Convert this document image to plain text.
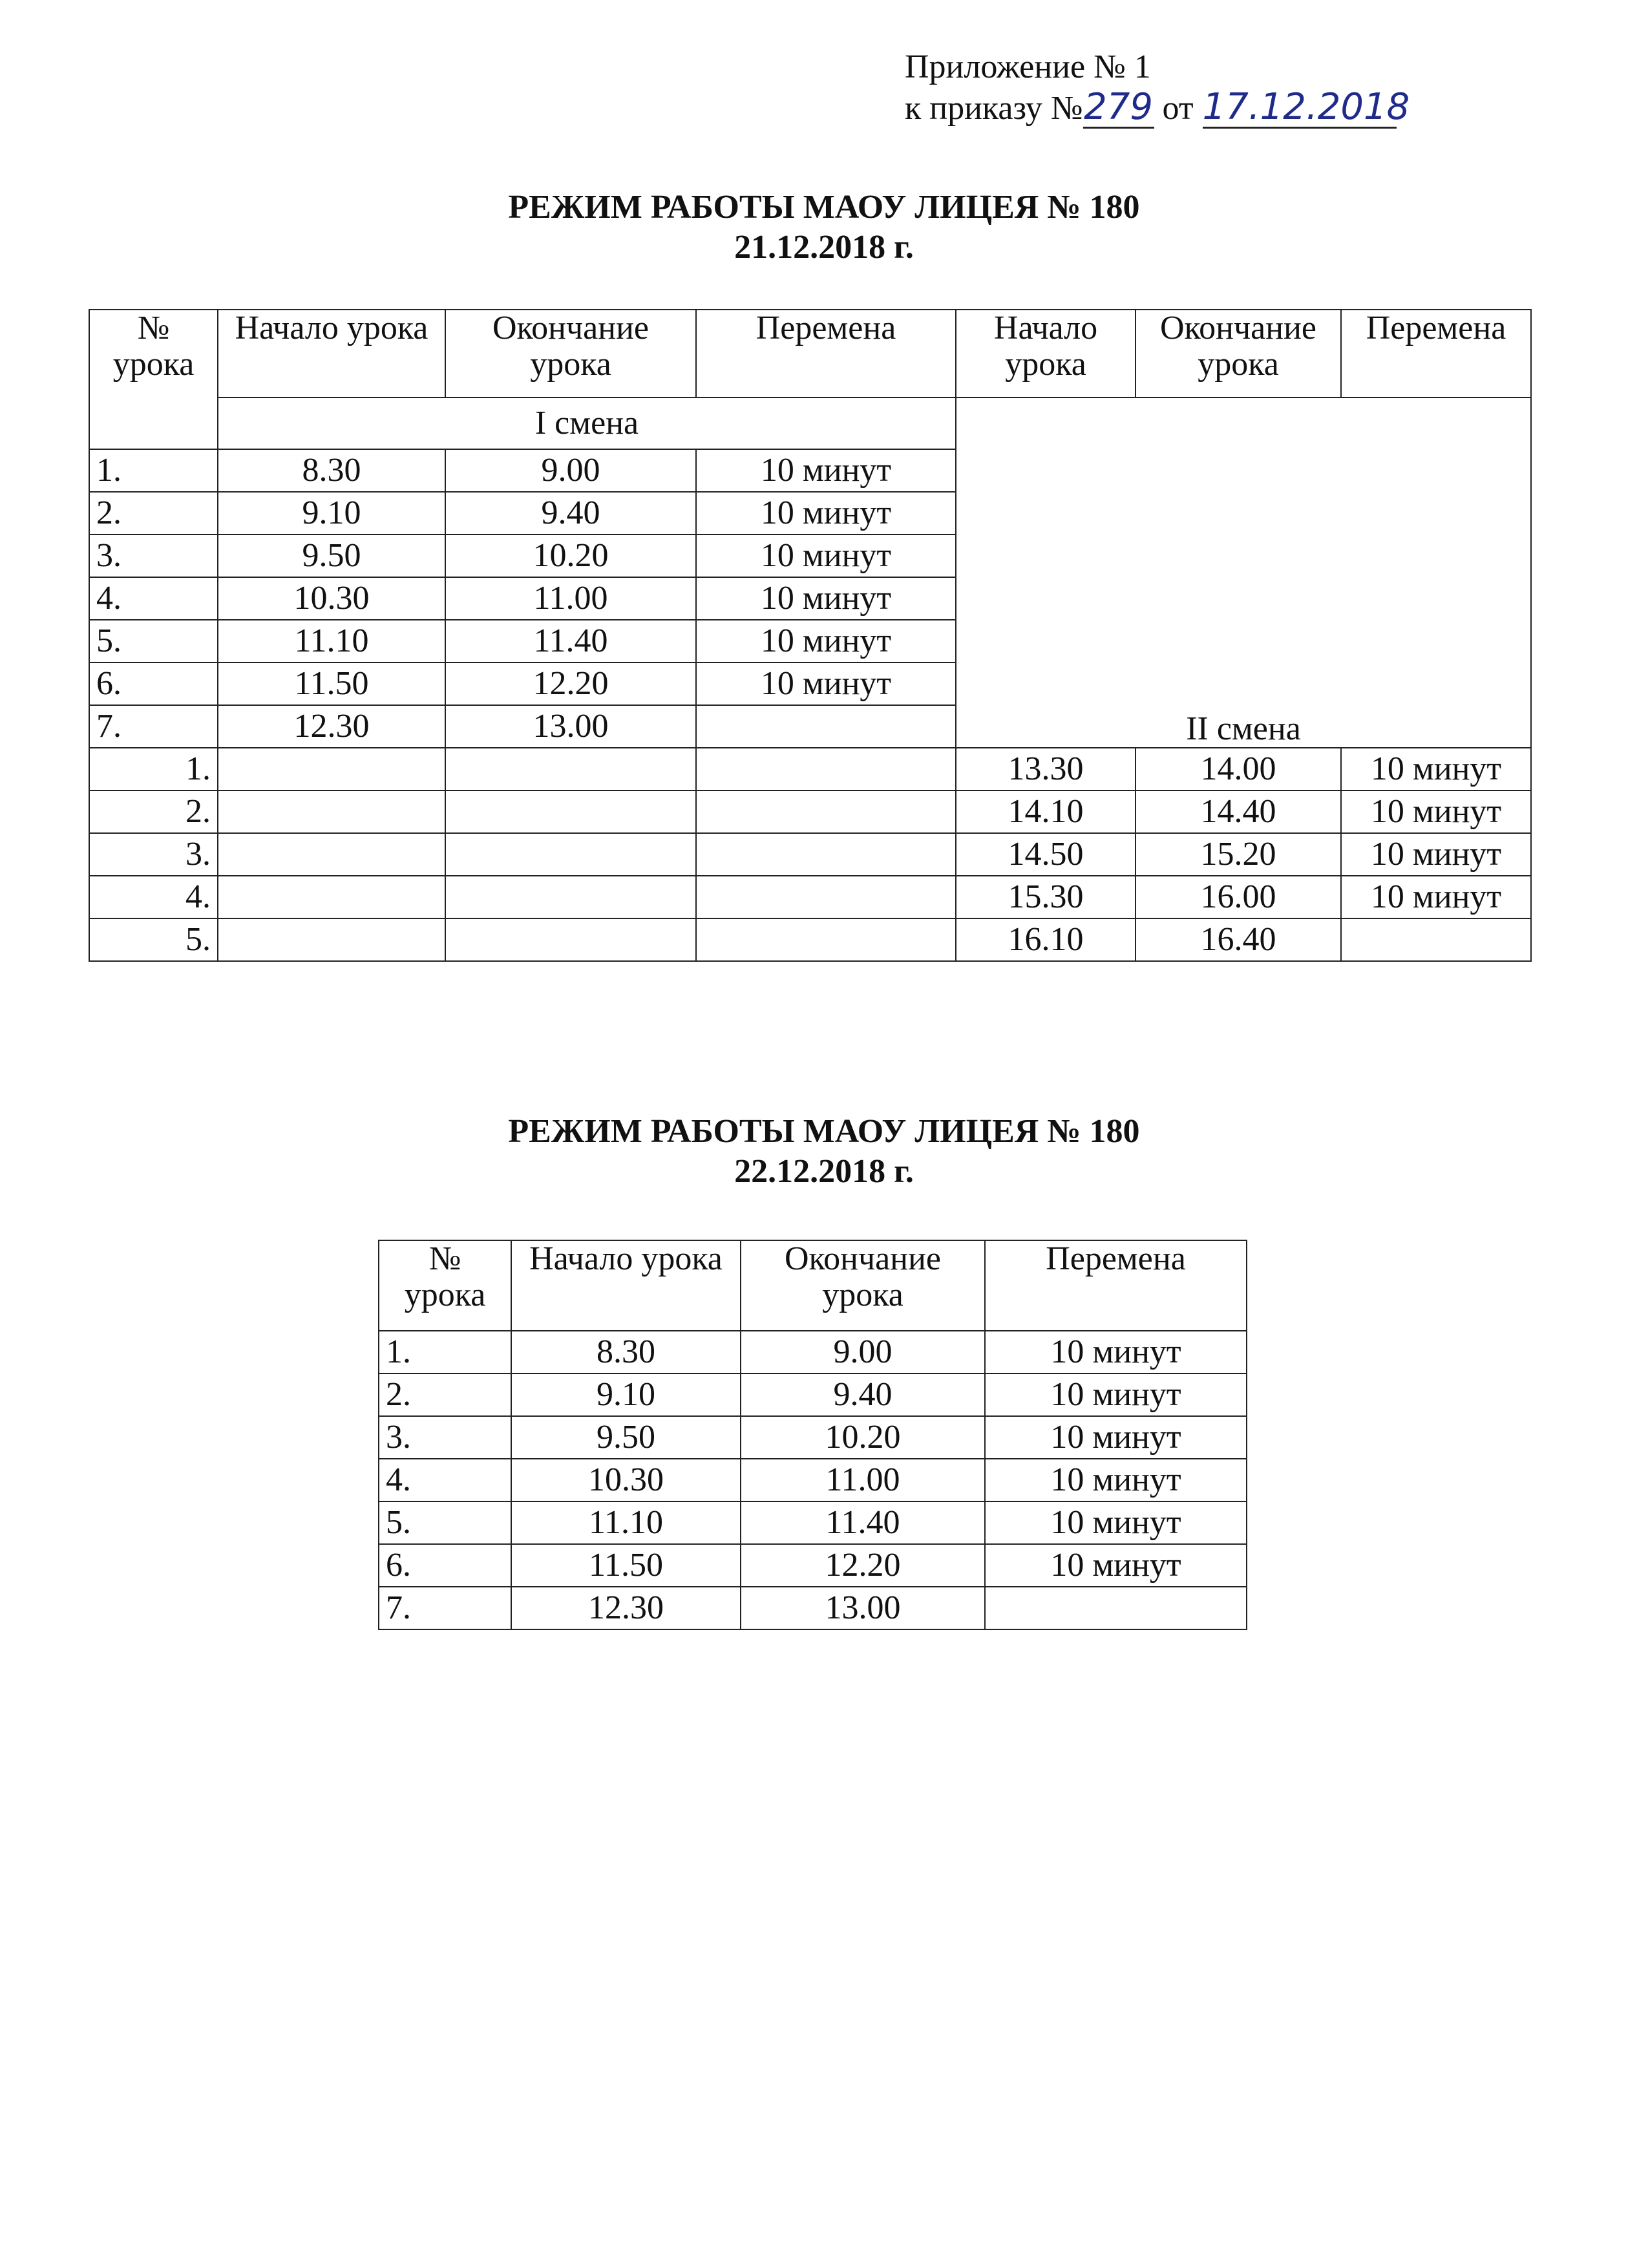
Приложение № 1
к приказу №279 от 17.12.2018
РЕЖИМ РАБОТЫ МАОУ ЛИЦЕЯ № 180
21.12.2018 г.
№ урока	Начало урока	Окончание урока	Перемена	Начало урока	Окончание урока	Перемена
	I смена			II смена		
1.	8.30	9.00	10 минут			
2.	9.10	9.40	10 минут			
3.	9.50	10.20	10 минут			
4.	10.30	11.00	10 минут			
5.	11.10	11.40	10 минут			
6.	11.50	12.20	10 минут			
7.	12.30	13.00				
1.				13.30	14.00	10 минут
2.				14.10	14.40	10 минут
3.				14.50	15.20	10 минут
4.				15.30	16.00	10 минут
5.				16.10	16.40	
РЕЖИМ РАБОТЫ МАОУ ЛИЦЕЯ № 180
22.12.2018 г.
№ урока	Начало урока	Окончание урока	Перемена
1.	8.30	9.00	10 минут
2.	9.10	9.40	10 минут
3.	9.50	10.20	10 минут
4.	10.30	11.00	10 минут
5.	11.10	11.40	10 минут
6.	11.50	12.20	10 минут
7.	12.30	13.00	
